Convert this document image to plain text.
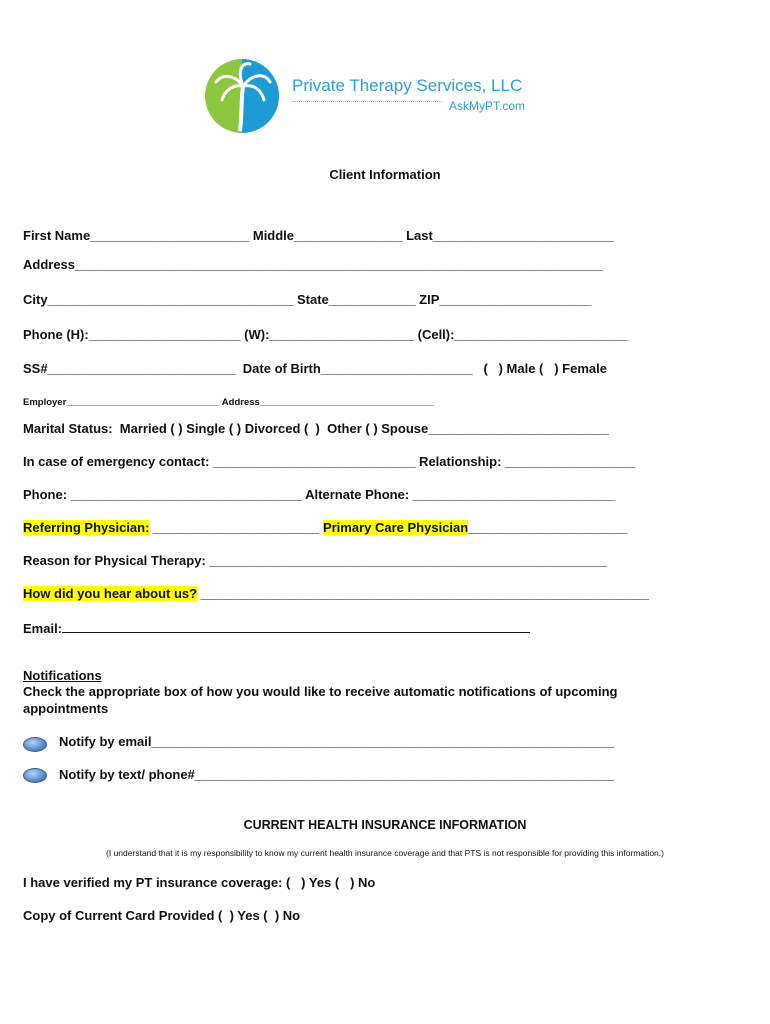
Private Therapy Services, LLC
AskMyPT.com
Client Information
First Name______________________ Middle_______________ Last_________________________
Address_________________________________________________________________________
City__________________________________ State____________ ZIP_____________________
Phone (H):_____________________ (W):____________________ (Cell):________________________
SS#__________________________  Date of Birth_____________________   (   ) Male (   ) Female
Employer_____________________________ Address_________________________________
Marital Status:  Married ( ) Single ( ) Divorced (  )  Other ( ) Spouse_________________________
In case of emergency contact: ____________________________ Relationship: __________________
Phone: ________________________________ Alternate Phone: ____________________________
Referring Physician: _______________________ Primary Care Physician______________________
Reason for Physical Therapy: _______________________________________________________
How did you hear about us? ______________________________________________________________
Email:
Notifications
Check the appropriate box of how you would like to receive automatic notifications of upcoming
appointments
Notify by email________________________________________________________________
Notify by text/ phone#__________________________________________________________
CURRENT HEALTH INSURANCE INFORMATION
(I understand that it is my responsibility to know my current health insurance coverage and that PTS is not responsible for providing this information.)
I have verified my PT insurance coverage: (   ) Yes (   ) No
Copy of Current Card Provided (  ) Yes (  ) No
